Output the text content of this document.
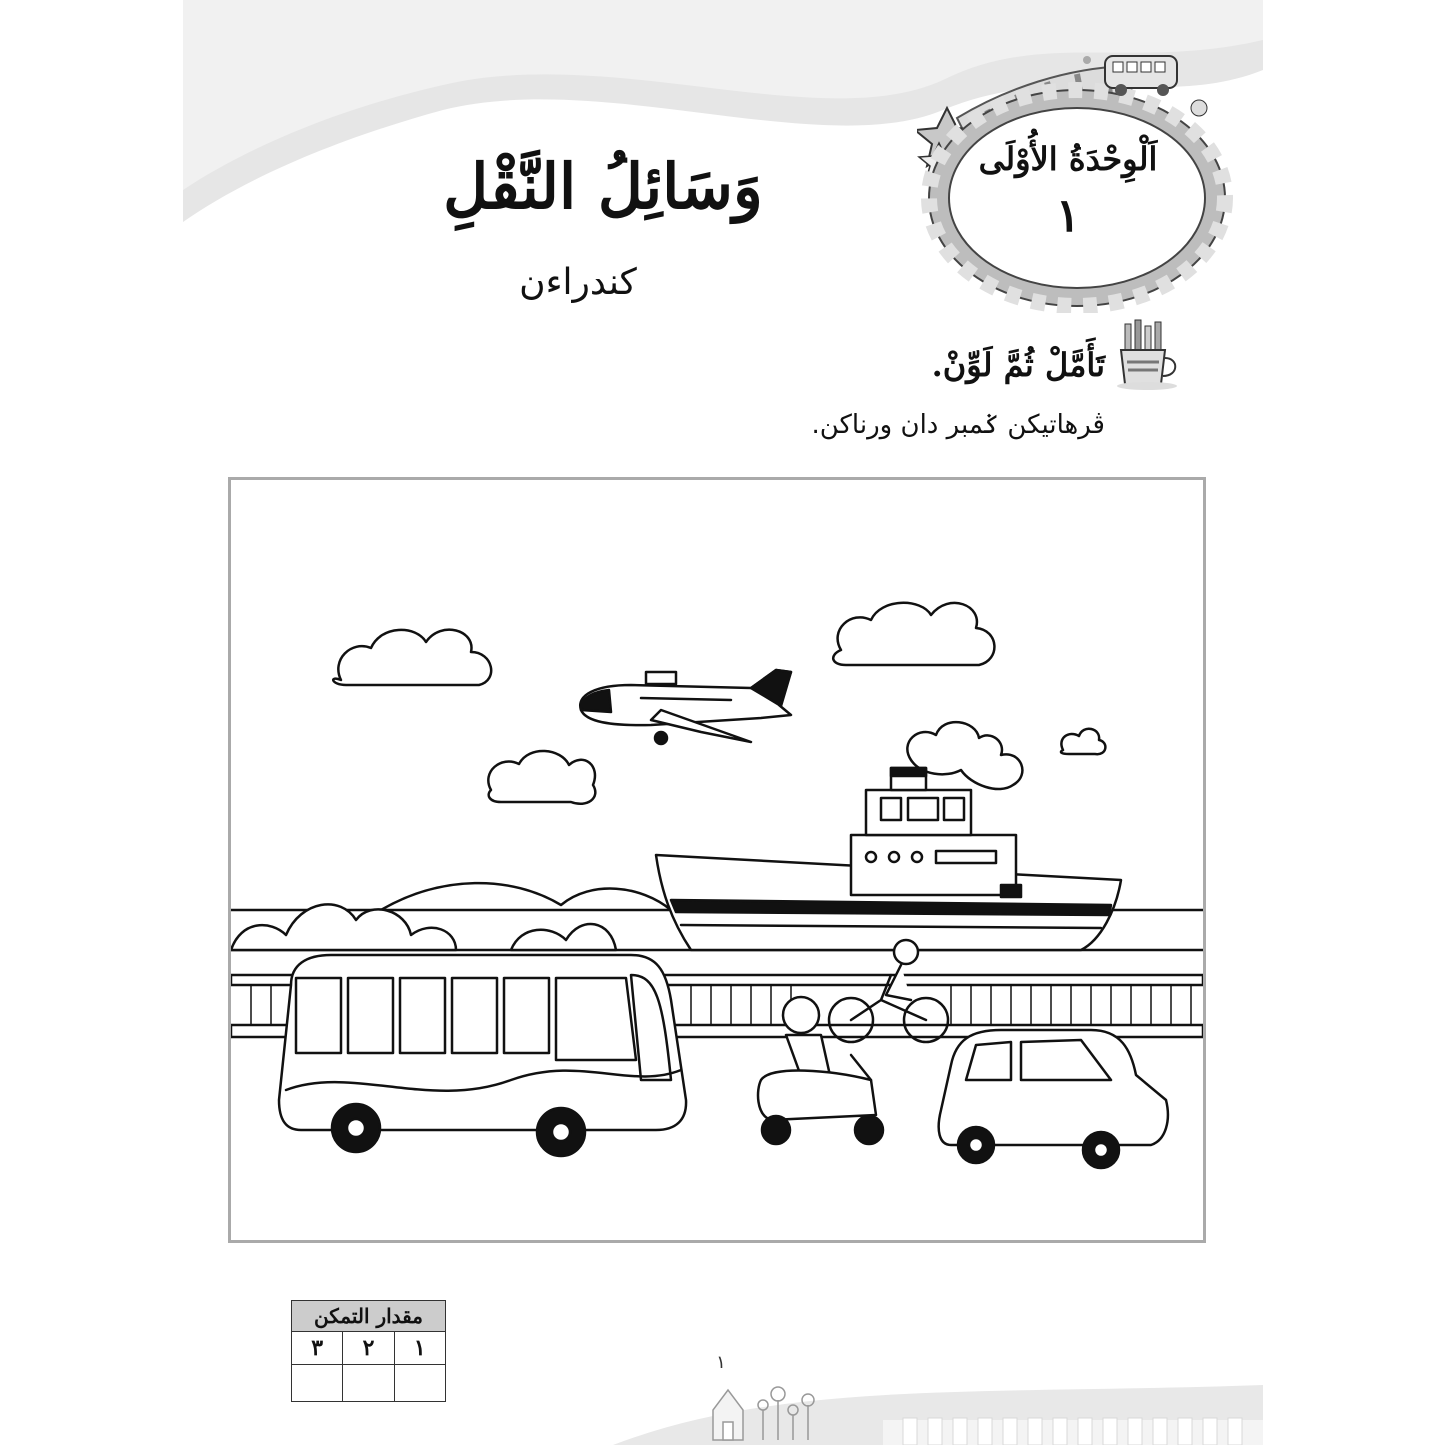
اَلْوِحْدَةُ الأُوْلَى
١
وَسَائِلُ النَّقْلِ
كندراءن
تَأَمَّلْ ثُمَّ لَوِّنْ.
ڤرهاتيكن ݢمبر دان ورناكن.
مقدار التمكن		
١	٢	٣

١
